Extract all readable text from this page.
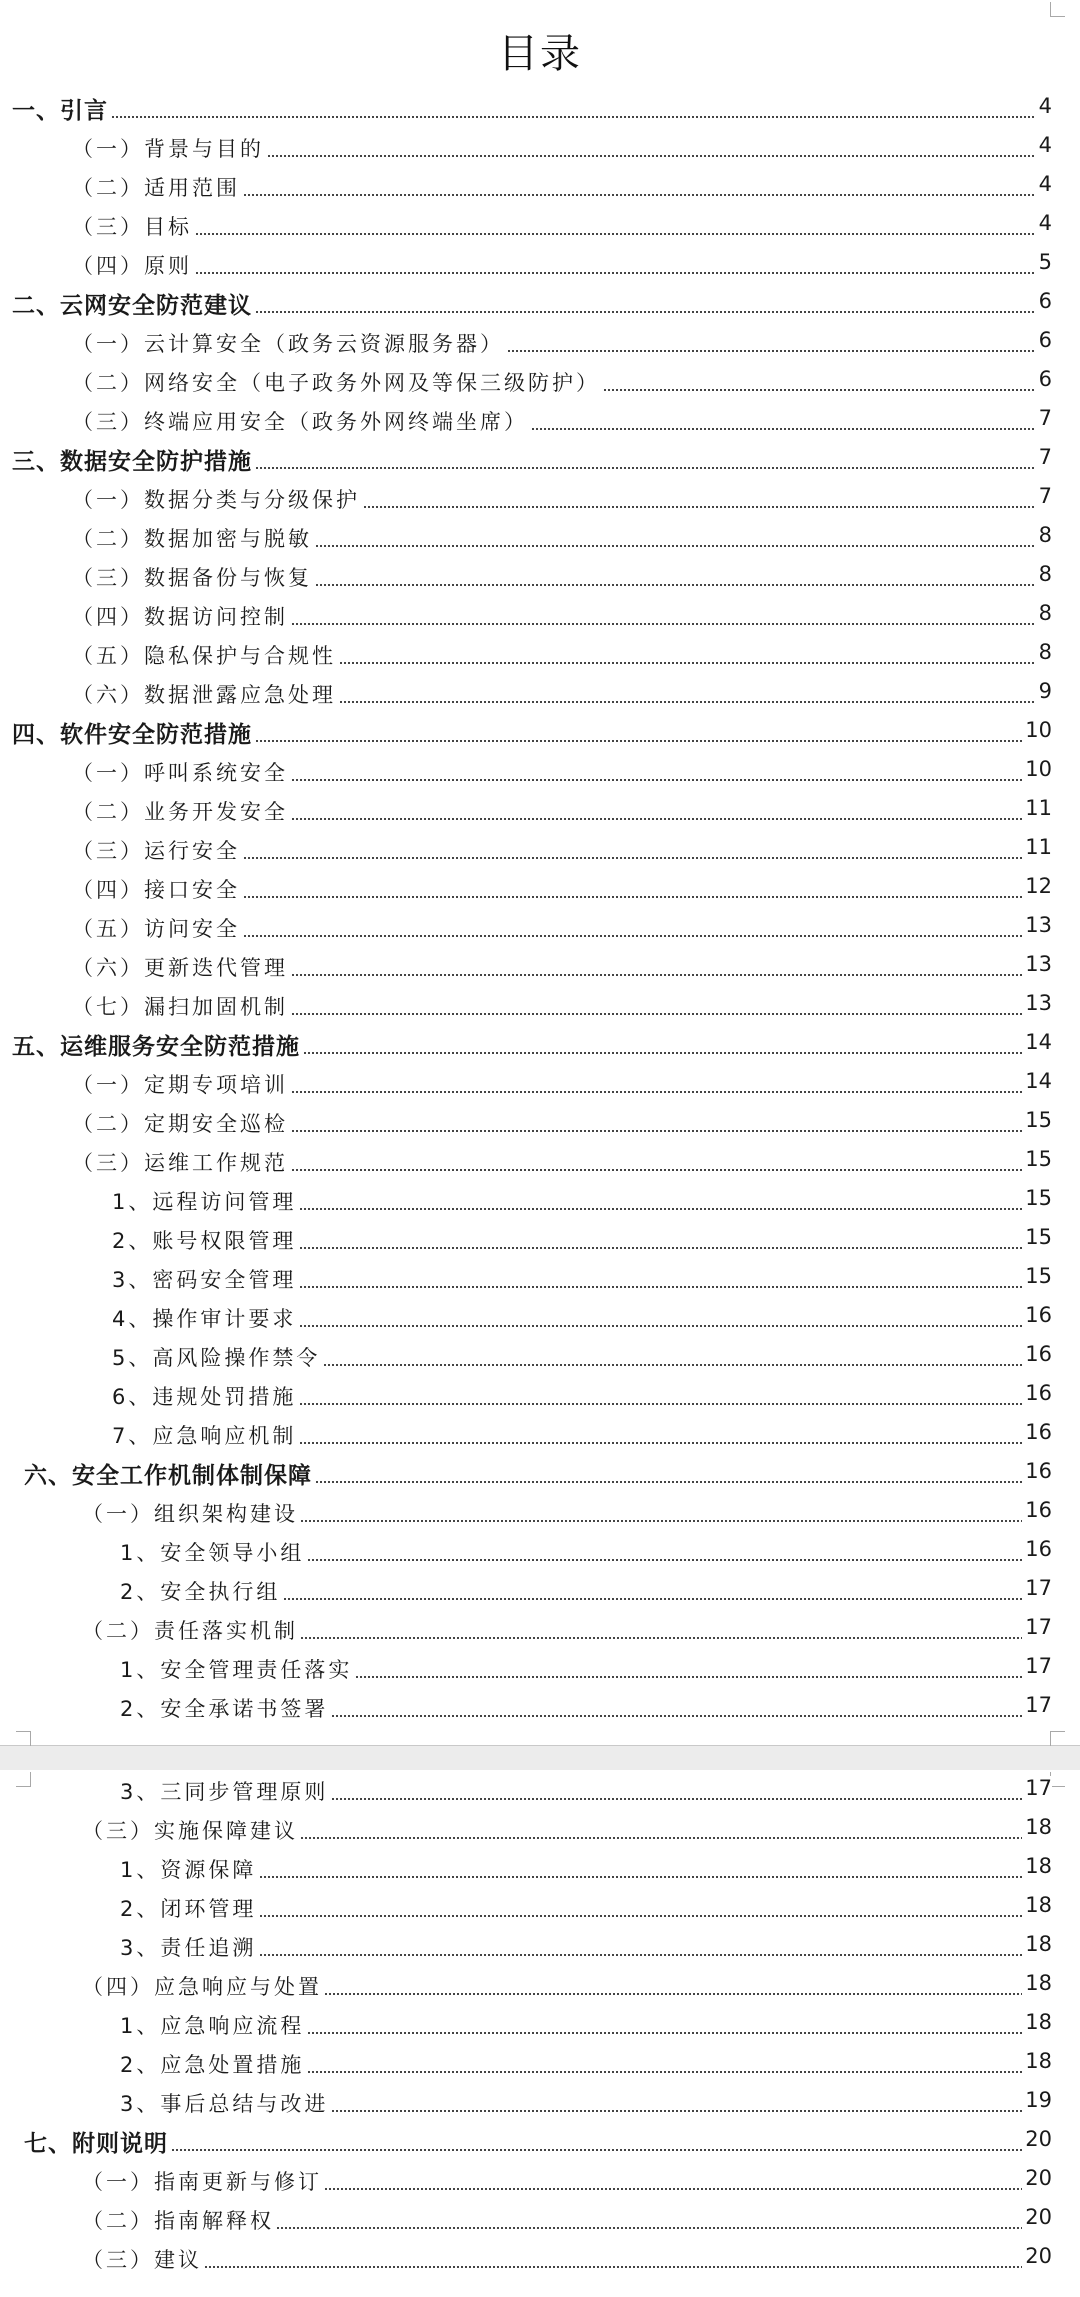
目录
一、引言	4
（一）背景与目的	4
（二）适用范围	4
（三）目标	4
（四）原则	5
二、云网安全防范建议	6
（一）云计算安全（政务云资源服务器）	6
（二）网络安全（电子政务外网及等保三级防护）	6
（三）终端应用安全（政务外网终端坐席）	7
三、数据安全防护措施	7
（一）数据分类与分级保护	7
（二）数据加密与脱敏	8
（三）数据备份与恢复	8
（四）数据访问控制	8
（五）隐私保护与合规性	8
（六）数据泄露应急处理	9
四、软件安全防范措施	10
（一）呼叫系统安全	10
（二）业务开发安全	11
（三）运行安全	11
（四）接口安全	12
（五）访问安全	13
（六）更新迭代管理	13
（七）漏扫加固机制	13
五、运维服务安全防范措施	14
（一）定期专项培训	14
（二）定期安全巡检	15
（三）运维工作规范	15
1、远程访问管理	15
2、账号权限管理	15
3、密码安全管理	15
4、操作审计要求	16
5、高风险操作禁令	16
6、违规处罚措施	16
7、应急响应机制	16
六、安全工作机制体制保障	16
（一）组织架构建设	16
1、安全领导小组	16
2、安全执行组	17
（二）责任落实机制	17
1、安全管理责任落实	17
2、安全承诺书签署	17
3、三同步管理原则	17
（三）实施保障建议	18
1、资源保障	18
2、闭环管理	18
3、责任追溯	18
（四）应急响应与处置	18
1、应急响应流程	18
2、应急处置措施	18
3、事后总结与改进	19
七、附则说明	20
（一）指南更新与修订	20
（二）指南解释权	20
（三）建议	20
